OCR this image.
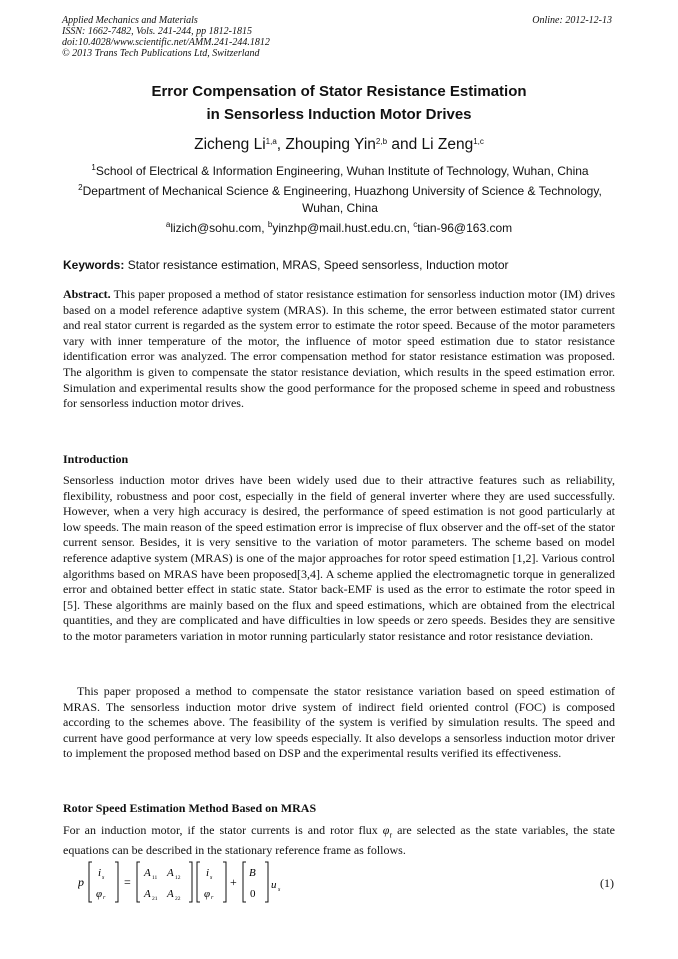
Applied Mechanics and Materials
ISSN: 1662-7482, Vols. 241-244, pp 1812-1815
doi:10.4028/www.scientific.net/AMM.241-244.1812
© 2013 Trans Tech Publications Ltd, Switzerland
Online: 2012-12-13
Error Compensation of Stator Resistance Estimation
in Sensorless Induction Motor Drives
Zicheng Li$^{1,a}$, Zhouping Yin$^{2,b}$ and Li Zeng$^{1,c}$
$^1$School of Electrical & Information Engineering, Wuhan Institute of Technology, Wuhan, China
$^2$Department of Mechanical Science & Engineering, Huazhong University of Science & Technology, Wuhan, China
$^a$lizich@sohu.com, $^b$yinzhp@mail.hust.edu.cn, $^c$tian-96@163.com
Keywords: Stator resistance estimation, MRAS, Speed sensorless, Induction motor
Abstract. This paper proposed a method of stator resistance estimation for sensorless induction motor (IM) drives based on a model reference adaptive system (MRAS). In this scheme, the error between estimated stator current and real stator current is regarded as the system error to estimate the rotor speed. Because of the motor parameters vary with inner temperature of the motor, the influence of motor speed estimation due to stator resistance identification error was analyzed. The error compensation method for stator resistance estimation was proposed. The algorithm is given to compensate the stator resistance deviation, which results in the speed estimation error. Simulation and experimental results show the good performance for the proposed scheme in speed and robustness for sensorless induction motor drives.
Introduction
Sensorless induction motor drives have been widely used due to their attractive features such as reliability, flexibility, robustness and poor cost, especially in the field of general inverter where they are used successfully. However, when a very high accuracy is desired, the performance of speed estimation is not good particularly at low speeds. The main reason of the speed estimation error is imprecise of flux observer and the off-set of the stator current sensor. Besides, it is very sensitive to the variation of motor parameters. The scheme based on model reference adaptive system (MRAS) is one of the major approaches for rotor speed estimation [1,2]. Various control algorithms based on MRAS have been proposed[3,4]. A scheme applied the electromagnetic torque in generalized error and obtained better effect in static state. Stator back-EMF is used as the error to estimate the rotor speed in [5]. These algorithms are mainly based on the flux and speed estimations, which are obtained from the electrical quantities, and they are complicated and have difficulties in low speeds or zero speeds. Besides they are sensitive to the motor parameters variation in motor running particularly stator resistance and rotor resistance deviation.
This paper proposed a method to compensate the stator resistance variation based on speed estimation of MRAS. The sensorless induction motor drive system of indirect field oriented control (FOC) is composed according to the schemes above. The feasibility of the system is verified by simulation results. The speed and current have good performance at very low speeds especially. It also develops a sensorless induction motor driver to implement the proposed method based on DSP and the experimental results verified its effectiveness.
Rotor Speed Estimation Method Based on MRAS
For an induction motor, if the stator currents is and rotor flux $\varphi_r$ are selected as the state variables, the state equations can be described in the stationary reference frame as follows.
p
i s
φ r
=
A 11 A 12
A 21 A 22
i s
φ r
+
B
0
u s	(1)
